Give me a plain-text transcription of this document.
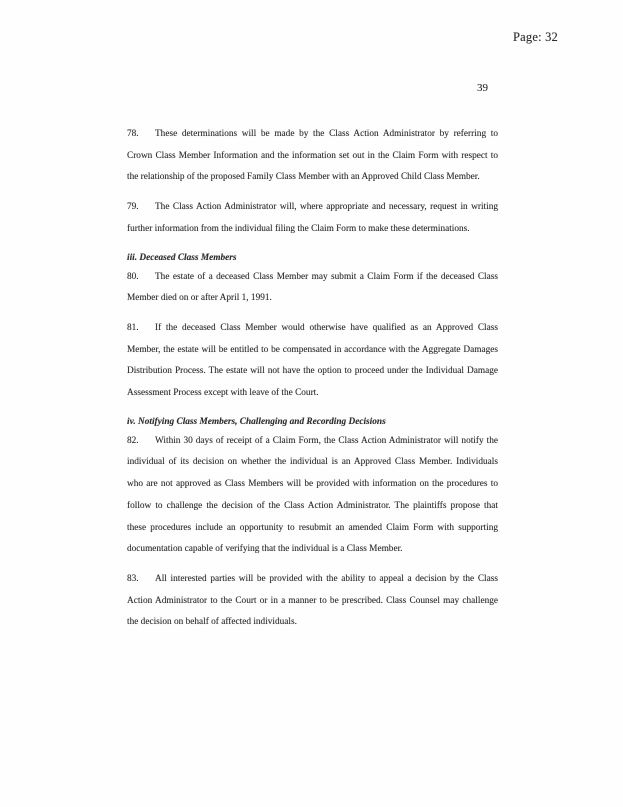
Page: 32
39
78. These determinations will be made by the Class Action Administrator by referring to
Crown Class Member Information and the information set out in the Claim Form with respect to
the relationship of the proposed Family Class Member with an Approved Child Class Member.
79. The Class Action Administrator will, where appropriate and necessary, request in writing
further information from the individual filing the Claim Form to make these determinations.
iii. Deceased Class Members
80. The estate of a deceased Class Member may submit a Claim Form if the deceased Class
Member died on or after April 1, 1991.
81. If the deceased Class Member would otherwise have qualified as an Approved Class
Member, the estate will be entitled to be compensated in accordance with the Aggregate Damages
Distribution Process. The estate will not have the option to proceed under the Individual Damage
Assessment Process except with leave of the Court.
iv. Notifying Class Members, Challenging and Recording Decisions
82. Within 30 days of receipt of a Claim Form, the Class Action Administrator will notify the
individual of its decision on whether the individual is an Approved Class Member. Individuals
who are not approved as Class Members will be provided with information on the procedures to
follow to challenge the decision of the Class Action Administrator. The plaintiffs propose that
these procedures include an opportunity to resubmit an amended Claim Form with supporting
documentation capable of verifying that the individual is a Class Member.
83. All interested parties will be provided with the ability to appeal a decision by the Class
Action Administrator to the Court or in a manner to be prescribed. Class Counsel may challenge
the decision on behalf of affected individuals.
